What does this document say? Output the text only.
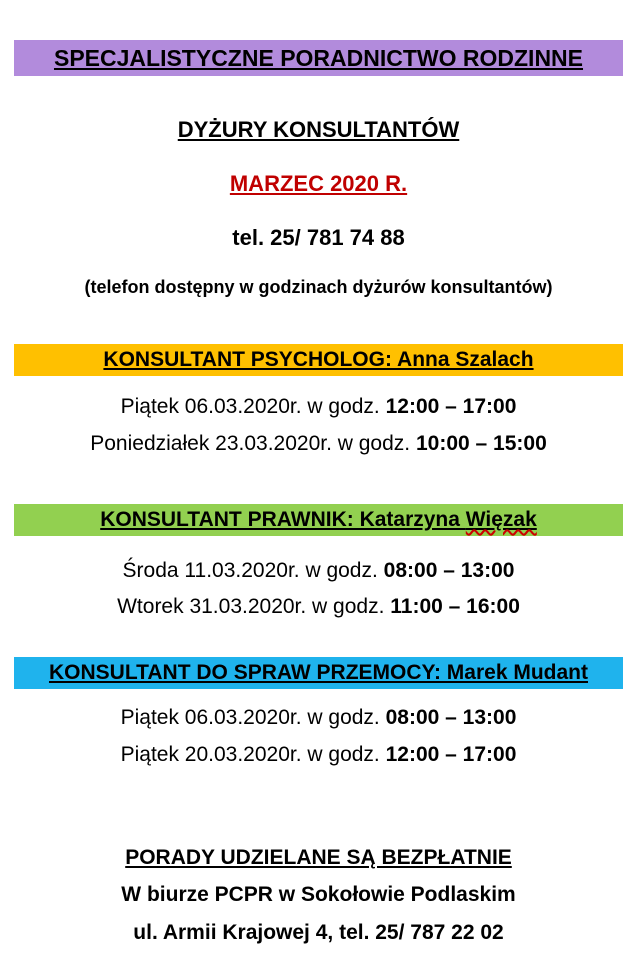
SPECJALISTYCZNE PORADNICTWO RODZINNE
DYŻURY KONSULTANTÓW
MARZEC 2020 R.
tel. 25/ 781 74 88
(telefon dostępny w godzinach dyżurów konsultantów)
KONSULTANT PSYCHOLOG: Anna Szalach
Piątek 06.03.2020r. w godz. 12:00 – 17:00
Poniedziałek 23.03.2020r. w godz. 10:00 – 15:00
KONSULTANT PRAWNIK: Katarzyna Więzak
Środa 11.03.2020r. w godz. 08:00 – 13:00
Wtorek 31.03.2020r. w godz. 11:00 – 16:00
KONSULTANT DO SPRAW PRZEMOCY: Marek Mudant
Piątek 06.03.2020r. w godz. 08:00 – 13:00
Piątek 20.03.2020r. w godz. 12:00 – 17:00
PORADY UDZIELANE SĄ BEZPŁATNIE
W biurze PCPR w Sokołowie Podlaskim
ul. Armii Krajowej 4, tel. 25/ 787 22 02
